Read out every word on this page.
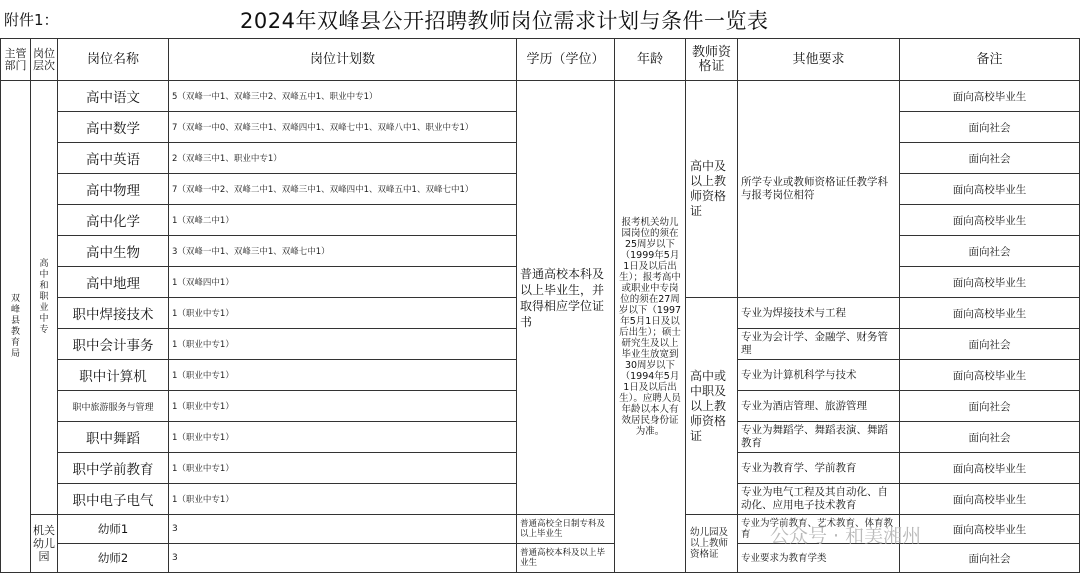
附件1：	2024年双峰县公开招聘教师岗位需求计划与条件一览表
主管部门	岗位层次	岗位名称	岗位计划数	学历（学位）	年龄	教师资格证	其他要求	备注

双峰县教育局	高中和职业中专	高中语文	5（双峰一中1、双峰三中2、双峰五中1、职业中专1）	普通高校本科及以上毕业生，并取得相应学位证书	报考机关幼儿园岗位的须在25周岁以下（1999年5月1日及以后出生）；报考高中或职业中专岗位的须在27周岁以下（1997年5月1日及以后出生）；硕士研究生及以上毕业生放宽到30周岁以下（1994年5月1日及以后出生）。应聘人员年龄以本人有效居民身份证为准。	高中及以上教师资格证	所学专业或教师资格证任教学科与报考岗位相符	面向高校毕业生
		高中数学	7（双峰一中0、双峰三中1、双峰四中1、双峰七中1、双峰八中1、职业中专1）					面向社会
		高中英语	2（双峰三中1、职业中专1）					面向社会
		高中物理	7（双峰一中2、双峰二中1、双峰三中1、双峰四中1、双峰五中1、双峰七中1）					面向高校毕业生
		高中化学	1（双峰二中1）					面向高校毕业生
		高中生物	3（双峰一中1、双峰三中1、双峰七中1）					面向社会
		高中地理	1（双峰四中1）					面向高校毕业生
		职中焊接技术	1（职业中专1）			高中或中职及以上教师资格证	专业为焊接技术与工程	面向高校毕业生
		职中会计事务	1（职业中专1）				专业为会计学、金融学、财务管理	面向社会
		职中计算机	1（职业中专1）				专业为计算机科学与技术	面向高校毕业生
		职中旅游服务与管理	1（职业中专1）				专业为酒店管理、旅游管理	面向社会
		职中舞蹈	1（职业中专1）				专业为舞蹈学、舞蹈表演、舞蹈教育	面向社会
		职中学前教育	1（职业中专1）				专业为教育学、学前教育	面向高校毕业生
		职中电子电气	1（职业中专1）				专业为电气工程及其自动化、自动化、应用电子技术教育	面向高校毕业生

	机关幼儿园	幼师1	3	普通高校全日制专科及以上毕业生		幼儿园及以上教师资格证	专业为学前教育、艺术教育、体育教育	面向高校毕业生
		幼师2	3	普通高校本科及以上毕业生			专业要求为教育学类	面向社会
公众号 · 和美湘州
